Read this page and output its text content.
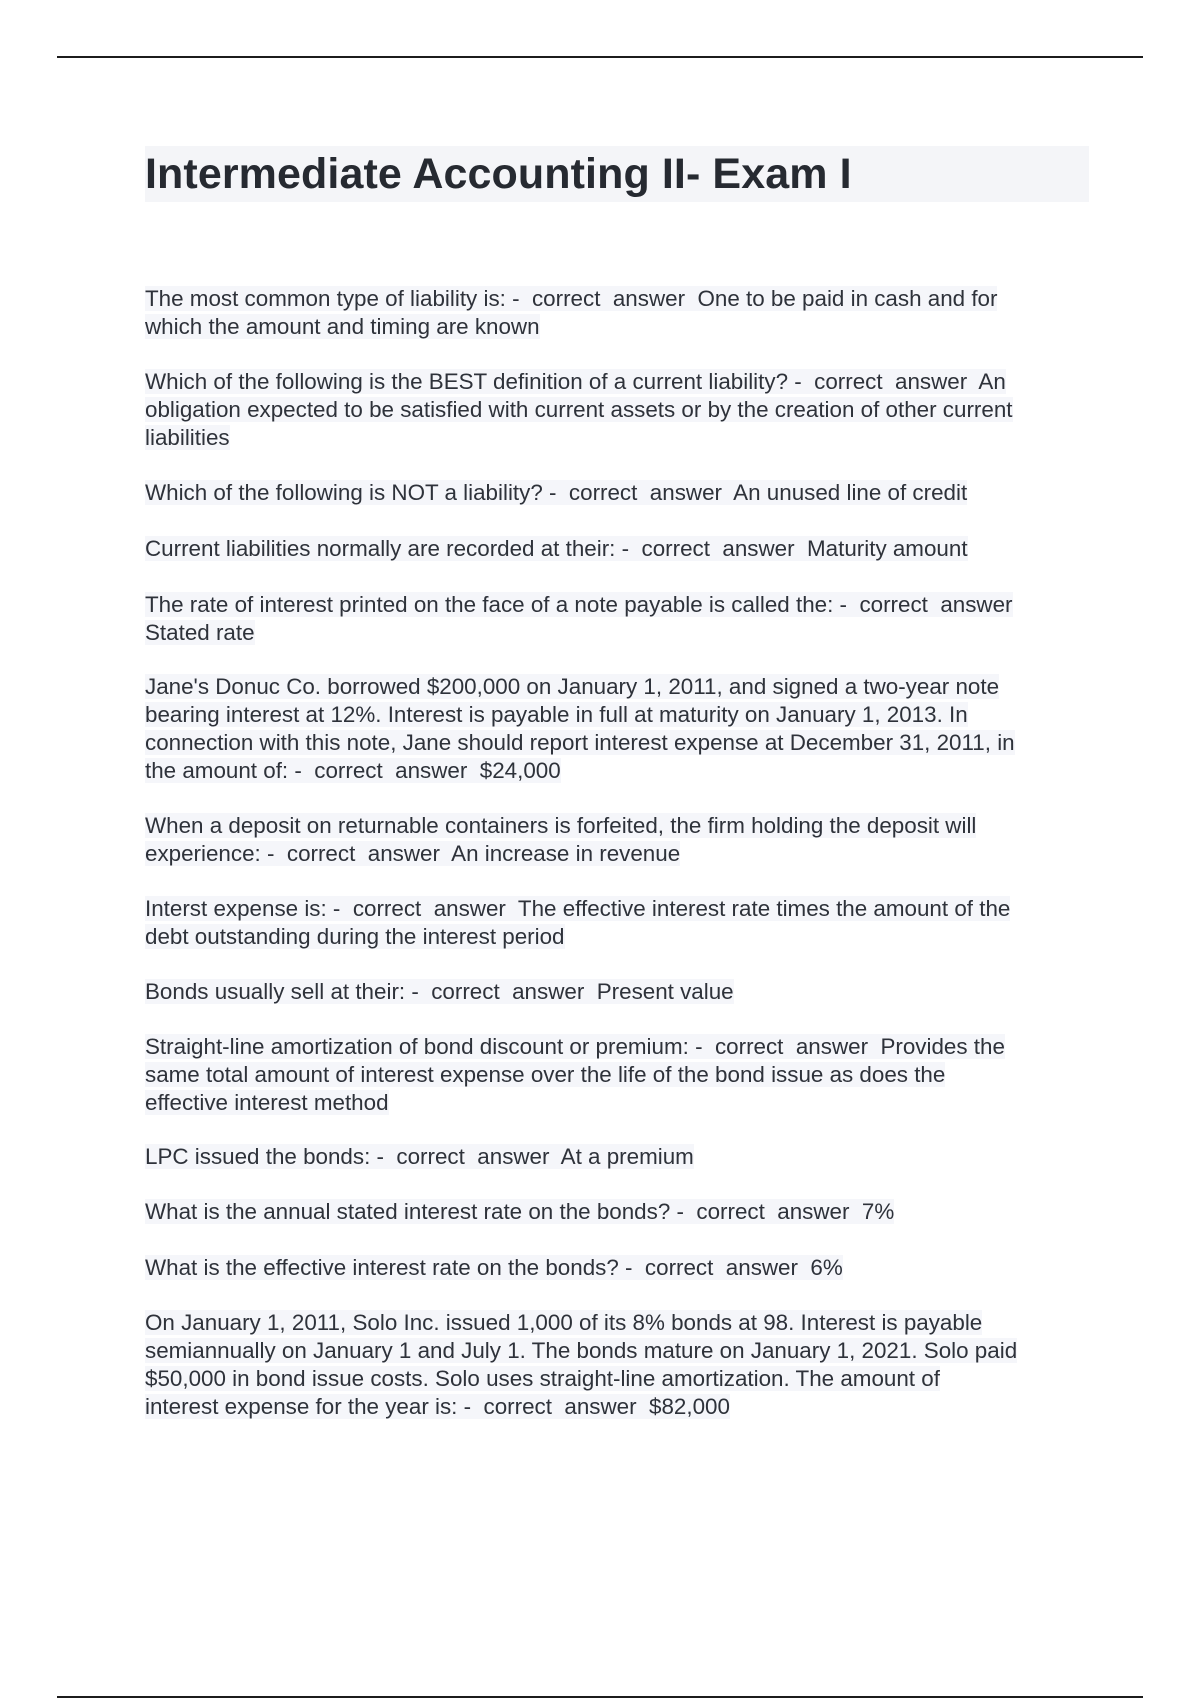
Intermediate Accounting II- Exam I
The most common type of liability is: -  correct  answer  One to be paid in cash and for
which the amount and timing are known
Which of the following is the BEST definition of a current liability? -  correct  answer  An
obligation expected to be satisfied with current assets or by the creation of other current
liabilities
Which of the following is NOT a liability? -  correct  answer  An unused line of credit
Current liabilities normally are recorded at their: -  correct  answer  Maturity amount
The rate of interest printed on the face of a note payable is called the: -  correct  answer
Stated rate
Jane's Donuc Co. borrowed $200,000 on January 1, 2011, and signed a two-year note
bearing interest at 12%. Interest is payable in full at maturity on January 1, 2013. In
connection with this note, Jane should report interest expense at December 31, 2011, in
the amount of: -  correct  answer  $24,000
When a deposit on returnable containers is forfeited, the firm holding the deposit will
experience: -  correct  answer  An increase in revenue
Interst expense is: -  correct  answer  The effective interest rate times the amount of the
debt outstanding during the interest period
Bonds usually sell at their: -  correct  answer  Present value
Straight-line amortization of bond discount or premium: -  correct  answer  Provides the
same total amount of interest expense over the life of the bond issue as does the
effective interest method
LPC issued the bonds: -  correct  answer  At a premium
What is the annual stated interest rate on the bonds? -  correct  answer  7%
What is the effective interest rate on the bonds? -  correct  answer  6%
On January 1, 2011, Solo Inc. issued 1,000 of its 8% bonds at 98. Interest is payable
semiannually on January 1 and July 1. The bonds mature on January 1, 2021. Solo paid
$50,000 in bond issue costs. Solo uses straight-line amortization. The amount of
interest expense for the year is: -  correct  answer  $82,000
